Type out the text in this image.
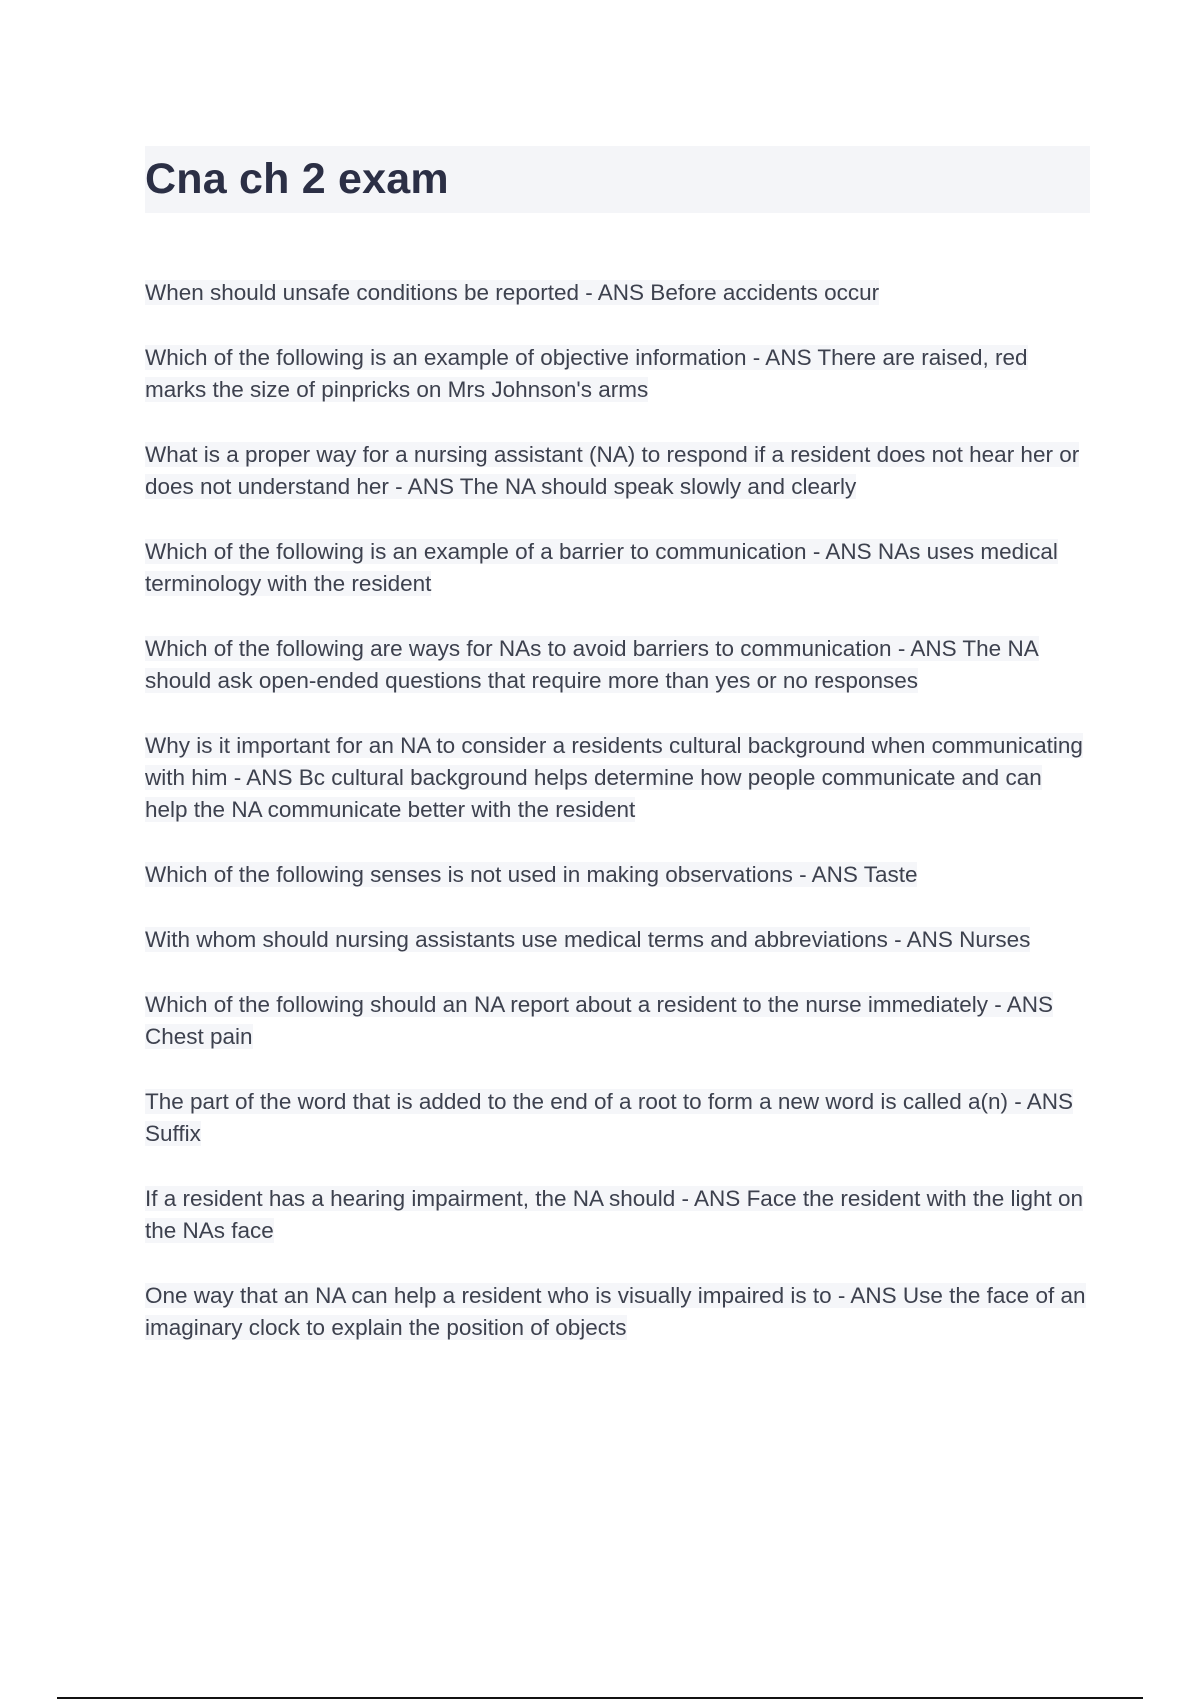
Cna ch 2 exam

When should unsafe conditions be reported - ANS Before accidents occur

Which of the following is an example of objective information - ANS There are raised, red marks the size of pinpricks on Mrs Johnson's arms

What is a proper way for a nursing assistant (NA) to respond if a resident does not hear her or does not understand her - ANS The NA should speak slowly and clearly

Which of the following is an example of a barrier to communication - ANS NAs uses medical terminology with the resident

Which of the following are ways for NAs to avoid barriers to communication - ANS The NA should ask open-ended questions that require more than yes or no responses

Why is it important for an NA to consider a residents cultural background when communicating with him - ANS Bc cultural background helps determine how people communicate and can help the NA communicate better with the resident

Which of the following senses is not used in making observations - ANS Taste

With whom should nursing assistants use medical terms and abbreviations - ANS Nurses

Which of the following should an NA report about a resident to the nurse immediately - ANS Chest pain

The part of the word that is added to the end of a root to form a new word is called a(n) - ANS Suffix

If a resident has a hearing impairment, the NA should - ANS Face the resident with the light on the NAs face

One way that an NA can help a resident who is visually impaired is to - ANS Use the face of an imaginary clock to explain the position of objects
